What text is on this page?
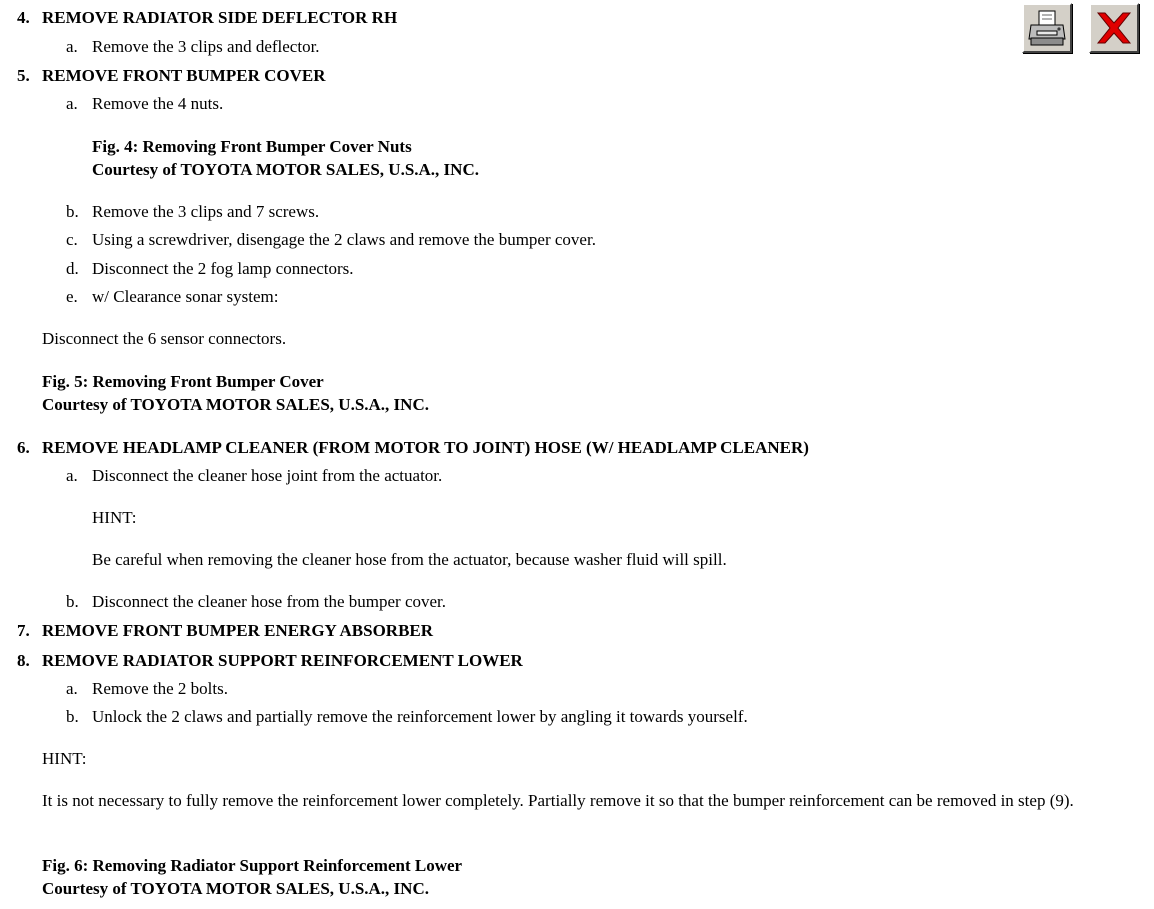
4. REMOVE RADIATOR SIDE DEFLECTOR RH
a. Remove the 3 clips and deflector.
5. REMOVE FRONT BUMPER COVER
a. Remove the 4 nuts.
Fig. 4: Removing Front Bumper Cover Nuts
Courtesy of TOYOTA MOTOR SALES, U.S.A., INC.
b. Remove the 3 clips and 7 screws.
c. Using a screwdriver, disengage the 2 claws and remove the bumper cover.
d. Disconnect the 2 fog lamp connectors.
e. w/ Clearance sonar system:
Disconnect the 6 sensor connectors.
Fig. 5: Removing Front Bumper Cover
Courtesy of TOYOTA MOTOR SALES, U.S.A., INC.
6. REMOVE HEADLAMP CLEANER (FROM MOTOR TO JOINT) HOSE (W/ HEADLAMP CLEANER)
a. Disconnect the cleaner hose joint from the actuator.
HINT:
Be careful when removing the cleaner hose from the actuator, because washer fluid will spill.
b. Disconnect the cleaner hose from the bumper cover.
7. REMOVE FRONT BUMPER ENERGY ABSORBER
8. REMOVE RADIATOR SUPPORT REINFORCEMENT LOWER
a. Remove the 2 bolts.
b. Unlock the 2 claws and partially remove the reinforcement lower by angling it towards yourself.
HINT:
It is not necessary to fully remove the reinforcement lower completely. Partially remove it so that the bumper reinforcement can be removed in step (9).
Fig. 6: Removing Radiator Support Reinforcement Lower
Courtesy of TOYOTA MOTOR SALES, U.S.A., INC.
